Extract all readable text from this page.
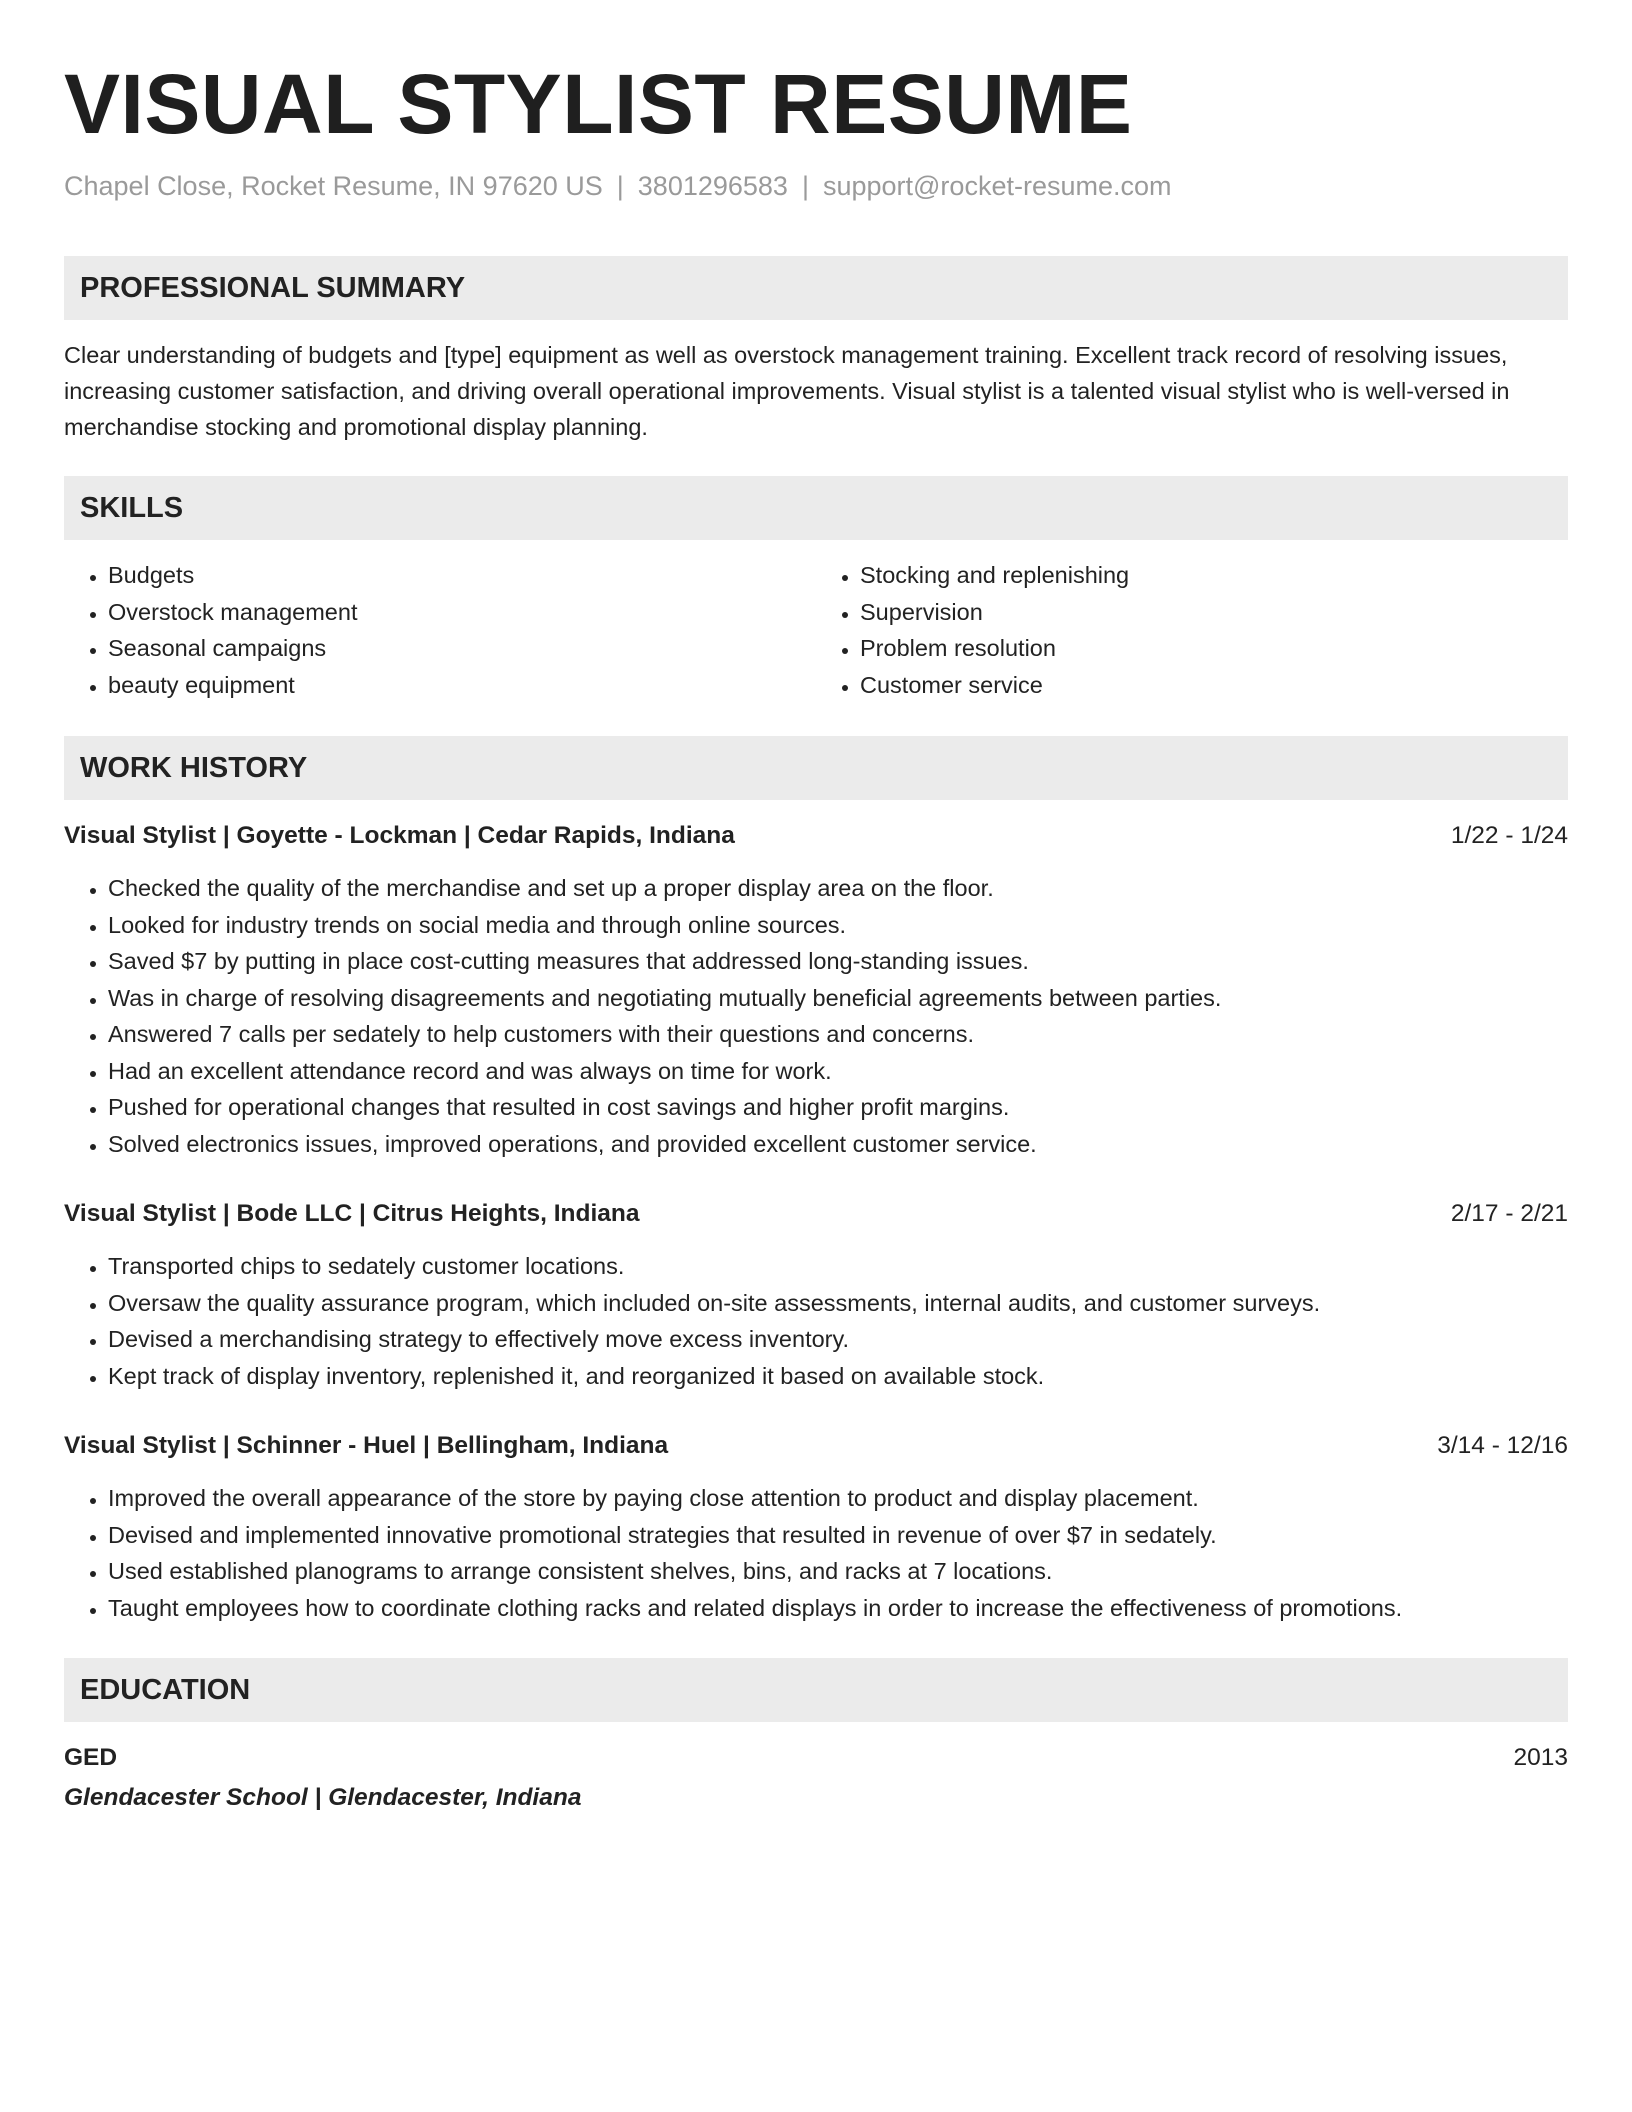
VISUAL STYLIST RESUME
Chapel Close, Rocket Resume, IN 97620 US | 3801296583 | support@rocket-resume.com
PROFESSIONAL SUMMARY
Clear understanding of budgets and [type] equipment as well as overstock management training. Excellent track record of resolving issues, increasing customer satisfaction, and driving overall operational improvements. Visual stylist is a talented visual stylist who is well-versed in merchandise stocking and promotional display planning.
SKILLS
• Budgets
• Overstock management
• Seasonal campaigns
• beauty equipment
• Stocking and replenishing
• Supervision
• Problem resolution
• Customer service
WORK HISTORY
Visual Stylist | Goyette - Lockman | Cedar Rapids, Indiana	1/22 - 1/24
• Checked the quality of the merchandise and set up a proper display area on the floor.
• Looked for industry trends on social media and through online sources.
• Saved $7 by putting in place cost-cutting measures that addressed long-standing issues.
• Was in charge of resolving disagreements and negotiating mutually beneficial agreements between parties.
• Answered 7 calls per sedately to help customers with their questions and concerns.
• Had an excellent attendance record and was always on time for work.
• Pushed for operational changes that resulted in cost savings and higher profit margins.
• Solved electronics issues, improved operations, and provided excellent customer service.
Visual Stylist | Bode LLC | Citrus Heights, Indiana	2/17 - 2/21
• Transported chips to sedately customer locations.
• Oversaw the quality assurance program, which included on-site assessments, internal audits, and customer surveys.
• Devised a merchandising strategy to effectively move excess inventory.
• Kept track of display inventory, replenished it, and reorganized it based on available stock.
Visual Stylist | Schinner - Huel | Bellingham, Indiana	3/14 - 12/16
• Improved the overall appearance of the store by paying close attention to product and display placement.
• Devised and implemented innovative promotional strategies that resulted in revenue of over $7 in sedately.
• Used established planograms to arrange consistent shelves, bins, and racks at 7 locations.
• Taught employees how to coordinate clothing racks and related displays in order to increase the effectiveness of promotions.
EDUCATION
GED	2013
Glendacester School | Glendacester, Indiana
